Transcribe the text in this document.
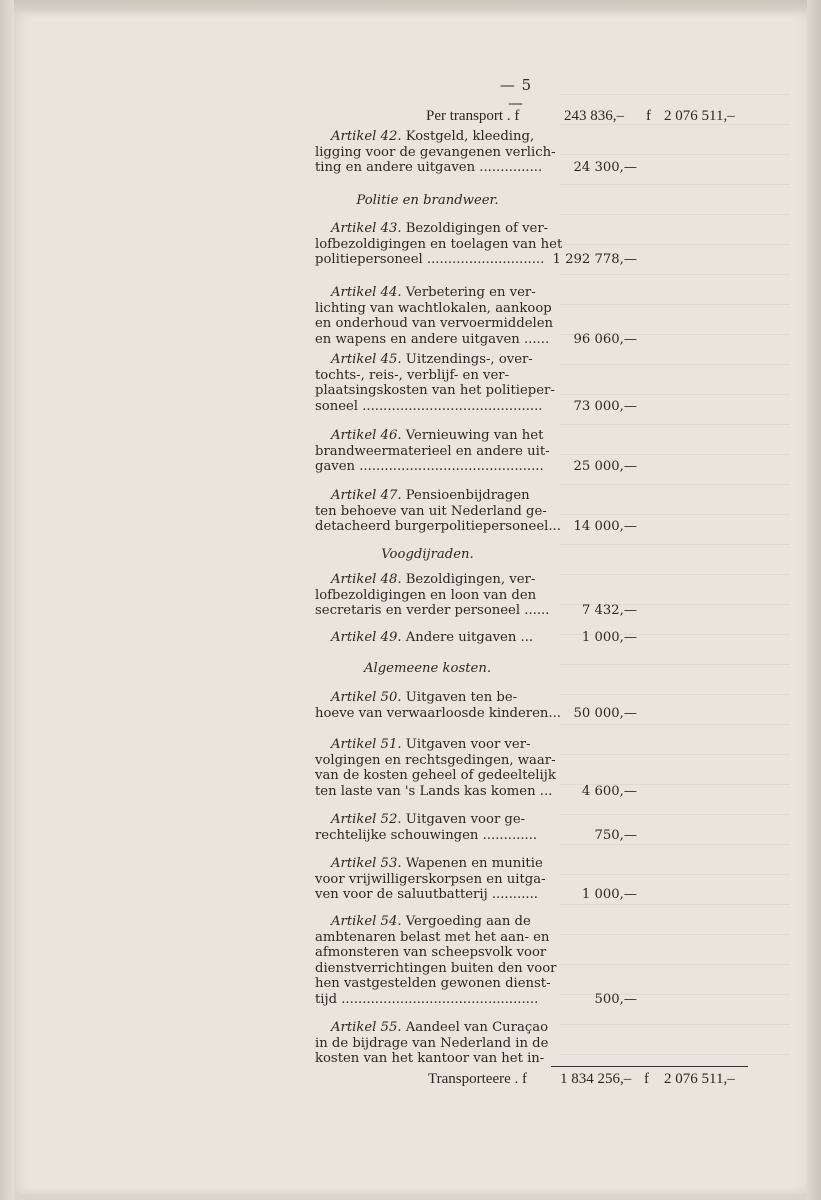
— 5 —
Per transport . f	243 836,– f 2 076 511,–
Artikel 42. Kostgeld, kleeding,
ligging voor de gevangenen verlich-
ting en andere uitgaven ...............	24 300,—
Politie en brandweer.
Artikel 43. Bezoldigingen of ver-
lofbezoldigingen en toelagen van het
politiepersoneel ............................ 1 292 778,—
Artikel 44. Verbetering en ver-
lichting van wachtlokalen, aankoop
en onderhoud van vervoermiddelen
en wapens en andere uitgaven ......	96 060,—
Artikel 45. Uitzendings-, over-
tochts-, reis-, verblijf- en ver-
plaatsingskosten van het politieper-
soneel ...........................................	73 000,—
Artikel 46. Vernieuwing van het
brandweermaterieel en andere uit-
gaven ............................................	25 000,—
Artikel 47. Pensioenbijdragen
ten behoeve van uit Nederland ge-
detacheerd burgerpolitiepersoneel... 14 000,—
Voogdijraden.
Artikel 48. Bezoldigingen, ver-
lofbezoldigingen en loon van den
secretaris en verder personeel ......	7 432,—
Artikel 49. Andere uitgaven ...	1 000,—
Algemeene kosten.
Artikel 50. Uitgaven ten be-
hoeve van verwaarloosde kinderen... 50 000,—
Artikel 51. Uitgaven voor ver-
volgingen en rechtsgedingen, waar-
van de kosten geheel of gedeeltelijk
ten laste van 's Lands kas komen ...	4 600,—
Artikel 52. Uitgaven voor ge-
rechtelijke schouwingen .............	750,—
Artikel 53. Wapenen en munitie
voor vrijwilligerskorpsen en uitga-
ven voor de saluutbatterij ...........	1 000,—
Artikel 54. Vergoeding aan de
ambtenaren belast met het aan- en
afmonsteren van scheepsvolk voor
dienstverrichtingen buiten den voor
hen vastgestelden gewonen dienst-
tijd ...............................................	500,—
Artikel 55. Aandeel van Curaçao
in de bijdrage van Nederland in de
kosten van het kantoor van het in-
Transporteere . f 1 834 256,– f 2 076 511,–
